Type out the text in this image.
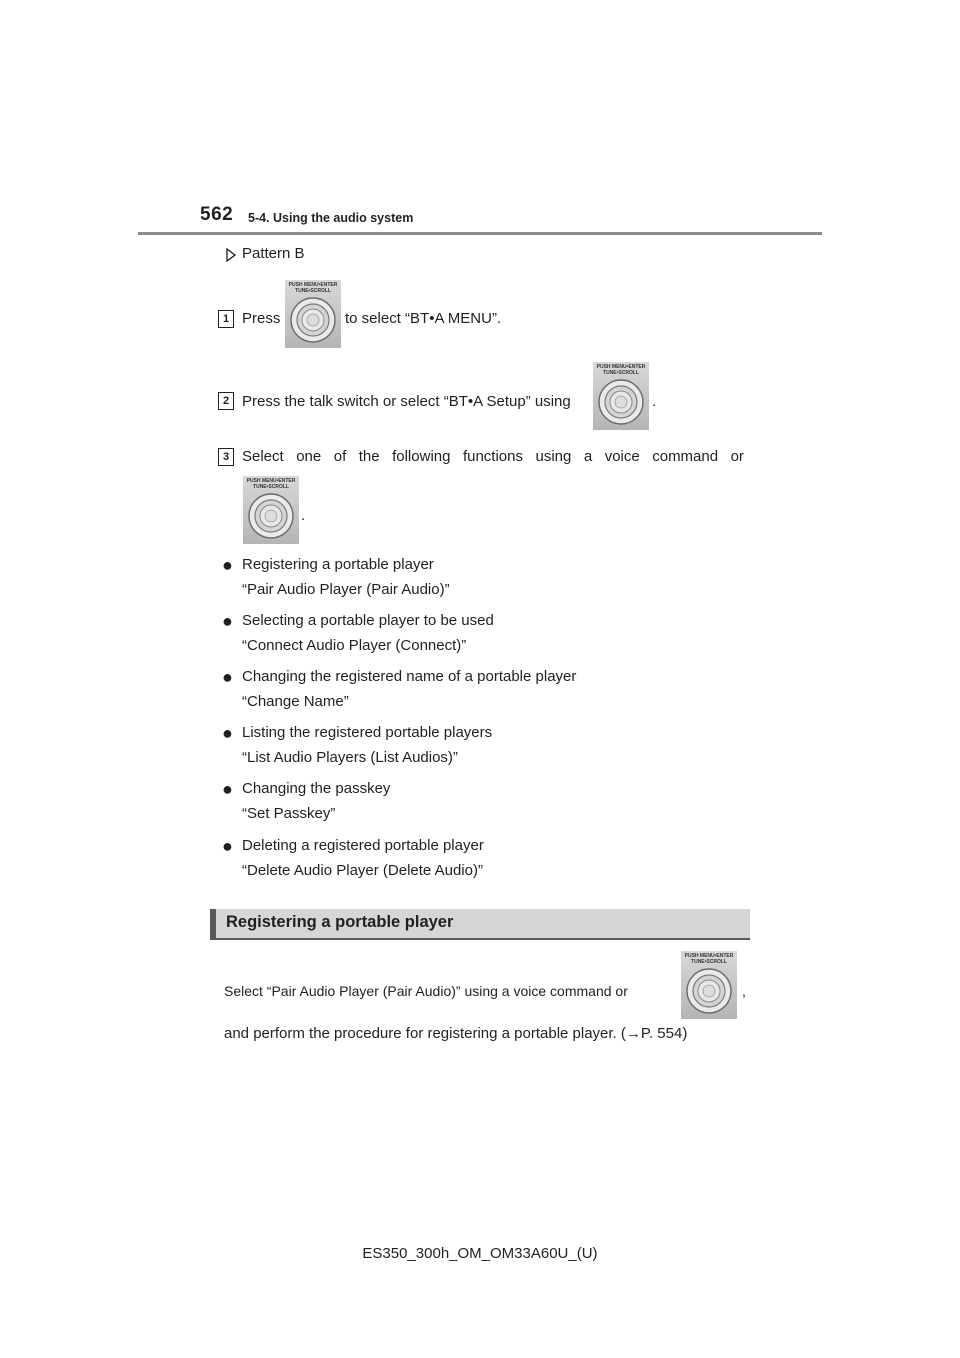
562 5-4. Using the audio system
Pattern B
1 Press
PUSH MENU•ENTER
TUNE•SCROLL
to select “BT•A MENU”.
2 Press the talk switch or select “BT•A Setup” using
PUSH MENU•ENTER
TUNE•SCROLL
.
3 Select   one   of   the   following   functions   using   a   voice   command   or
PUSH MENU•ENTER
TUNE•SCROLL
.
● Registering a portable player
“Pair Audio Player (Pair Audio)”
● Selecting a portable player to be used
“Connect Audio Player (Connect)”
● Changing the registered name of a portable player
“Change Name”
● Listing the registered portable players
“List Audio Players (List Audios)”
● Changing the passkey
“Set Passkey”
● Deleting a registered portable player
“Delete Audio Player (Delete Audio)”
Registering a portable player
Select “Pair Audio Player (Pair Audio)” using a voice command or
PUSH MENU•ENTER
TUNE•SCROLL
,
and perform the procedure for registering a portable player. (→P. 554)
ES350_300h_OM_OM33A60U_(U)
